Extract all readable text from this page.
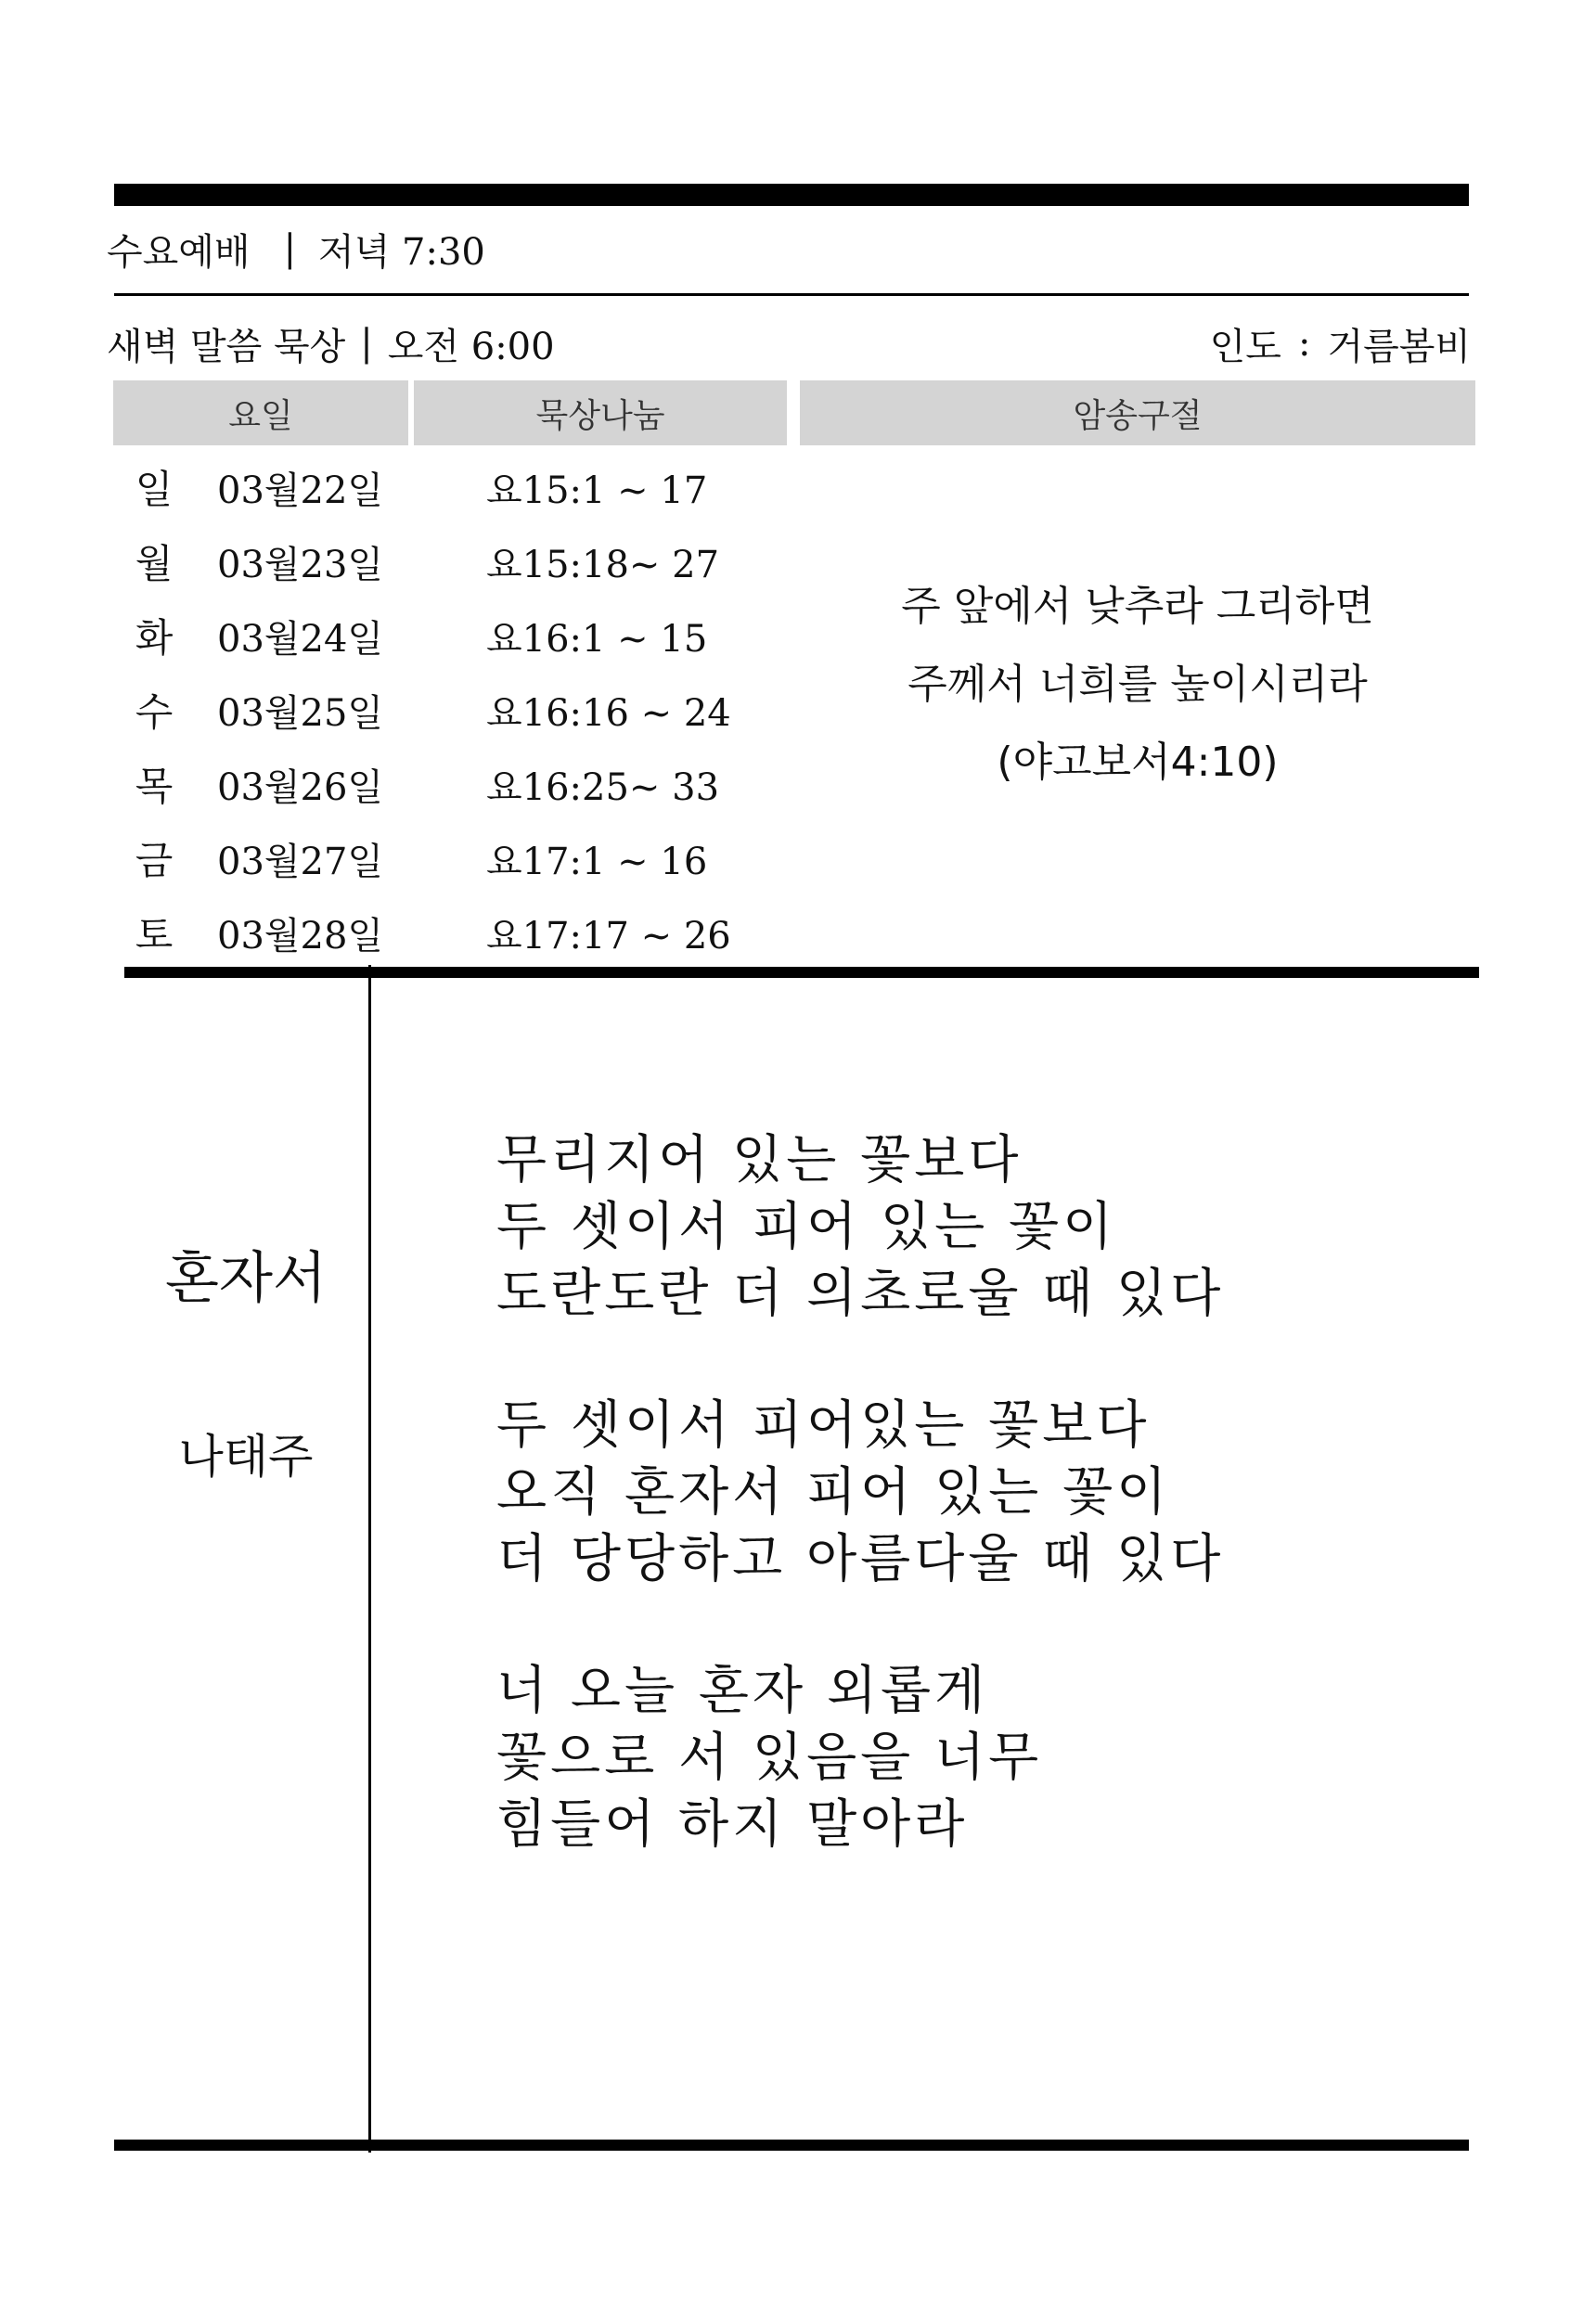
수요예배 | 저녁 7:30
새벽 말씀 묵상 | 오전 6:00	인도 : 거름봄비
요일	묵상나눔	암송구절
일	03월22일	요15:1 ~ 17
월	03월23일	요15:18~ 27
화	03월24일	요16:1 ~ 15
수	03월25일	요16:16 ~ 24
목	03월26일	요16:25~ 33
금	03월27일	요17:1 ~ 16
토	03월28일	요17:17 ~ 26
주 앞에서 낮추라 그리하면
주께서 너희를 높이시리라
(야고보서4:10)
혼자서
나태주
무리지어 있는 꽃보다
두 셋이서 피어 있는 꽃이
도란도란 더 의초로울 때 있다
두 셋이서 피어있는 꽃보다
오직 혼자서 피어 있는 꽃이
더 당당하고 아름다울 때 있다
너 오늘 혼자 외롭게
꽃으로 서 있음을 너무
힘들어 하지 말아라
